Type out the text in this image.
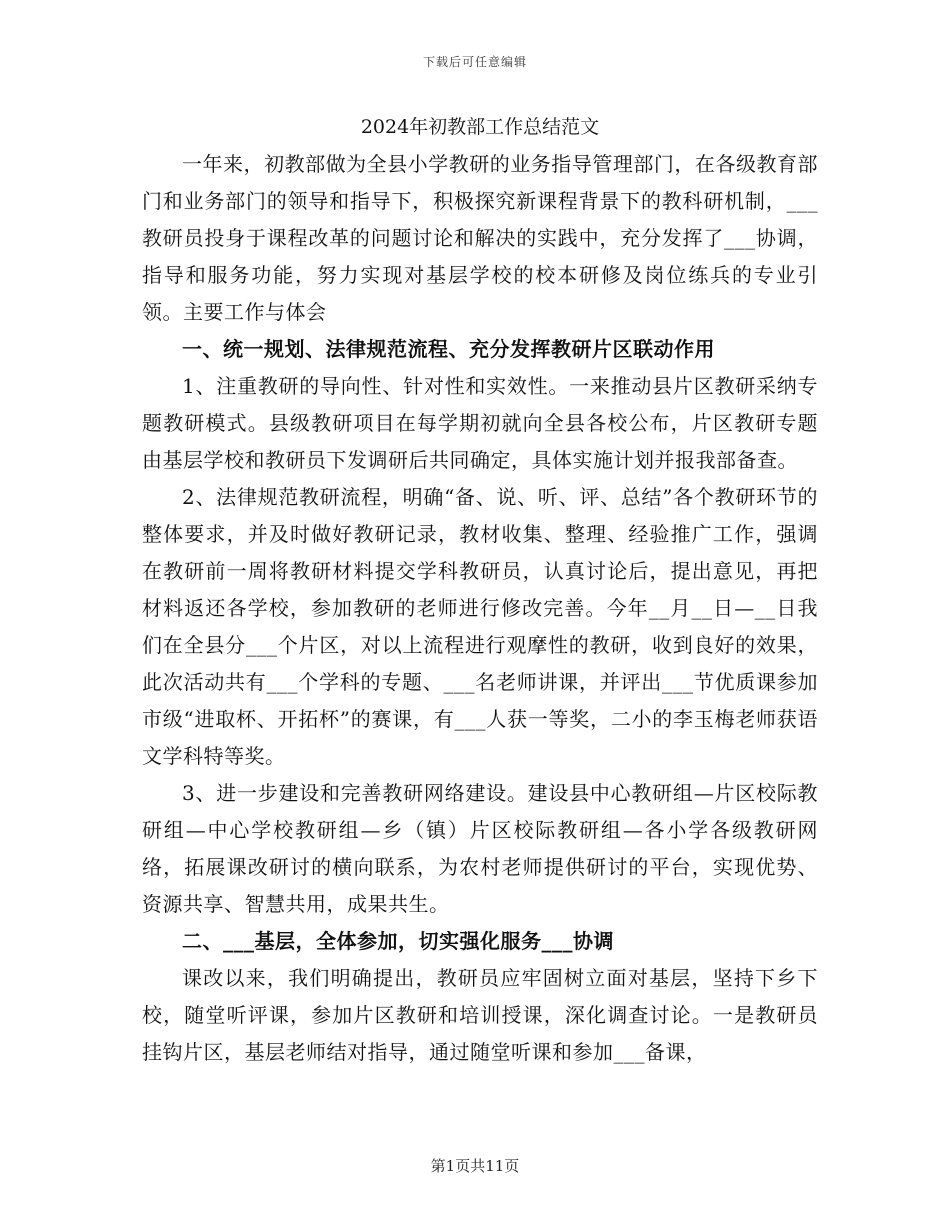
下载后可任意编辑
2024年初教部工作总结范文

一年来，初教部做为全县小学教研的业务指导管理部门，在各级教育部门和业务部门的领导和指导下，积极探究新课程背景下的教科研机制，___教研员投身于课程改革的问题讨论和解决的实践中，充分发挥了___协调，指导和服务功能，努力实现对基层学校的校本研修及岗位练兵的专业引领。主要工作与体会

一、统一规划、法律规范流程、充分发挥教研片区联动作用

1、注重教研的导向性、针对性和实效性。一来推动县片区教研采纳专题教研模式。县级教研项目在每学期初就向全县各校公布，片区教研专题由基层学校和教研员下发调研后共同确定，具体实施计划并报我部备查。

2、法律规范教研流程，明确“备、说、听、评、总结”各个教研环节的整体要求，并及时做好教研记录，教材收集、整理、经验推广工作，强调在教研前一周将教研材料提交学科教研员，认真讨论后，提出意见，再把材料返还各学校，参加教研的老师进行修改完善。今年__月__日—__日我们在全县分___个片区，对以上流程进行观摩性的教研，收到良好的效果，此次活动共有___个学科的专题、___名老师讲课，并评出___节优质课参加市级“进取杯、开拓杯”的赛课，有___人获一等奖，二小的李玉梅老师获语文学科特等奖。

3、进一步建设和完善教研网络建设。建设县中心教研组—片区校际教研组—中心学校教研组—乡（镇）片区校际教研组—各小学各级教研网络，拓展课改研讨的横向联系，为农村老师提供研讨的平台，实现优势、资源共享、智慧共用，成果共生。

二、___基层，全体参加，切实强化服务___协调

课改以来，我们明确提出，教研员应牢固树立面对基层，坚持下乡下校，随堂听评课，参加片区教研和培训授课，深化调查讨论。一是教研员挂钩片区，基层老师结对指导，通过随堂听课和参加___备课，

第1页共11页
